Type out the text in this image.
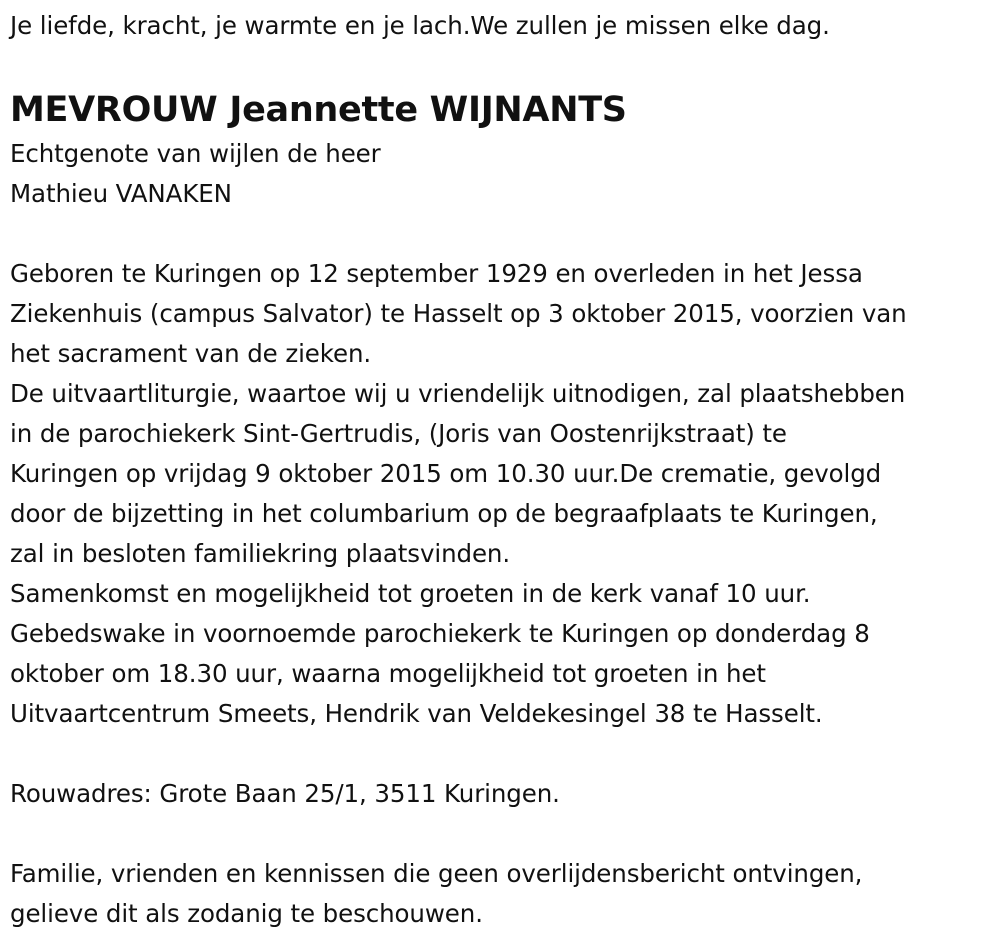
Je liefde, kracht, je warmte en je lach.We zullen je missen elke dag.
MEVROUW Jeannette WIJNANTS
Echtgenote van wijlen de heer
Mathieu VANAKEN
Geboren te Kuringen op 12 september 1929 en overleden in het Jessa
Ziekenhuis (campus Salvator) te Hasselt op 3 oktober 2015, voorzien van
het sacrament van de zieken.
De uitvaartliturgie, waartoe wij u vriendelijk uitnodigen, zal plaatshebben
in de parochiekerk Sint-Gertrudis, (Joris van Oostenrijkstraat) te
Kuringen op vrijdag 9 oktober 2015 om 10.30 uur.De crematie, gevolgd
door de bijzetting in het columbarium op de begraafplaats te Kuringen,
zal in besloten familiekring plaatsvinden.
Samenkomst en mogelijkheid tot groeten in de kerk vanaf 10 uur.
Gebedswake in voornoemde parochiekerk te Kuringen op donderdag 8
oktober om 18.30 uur, waarna mogelijkheid tot groeten in het
Uitvaartcentrum Smeets, Hendrik van Veldekesingel 38 te Hasselt.
Rouwadres: Grote Baan 25/1, 3511 Kuringen.
Familie, vrienden en kennissen die geen overlijdensbericht ontvingen,
gelieve dit als zodanig te beschouwen.
